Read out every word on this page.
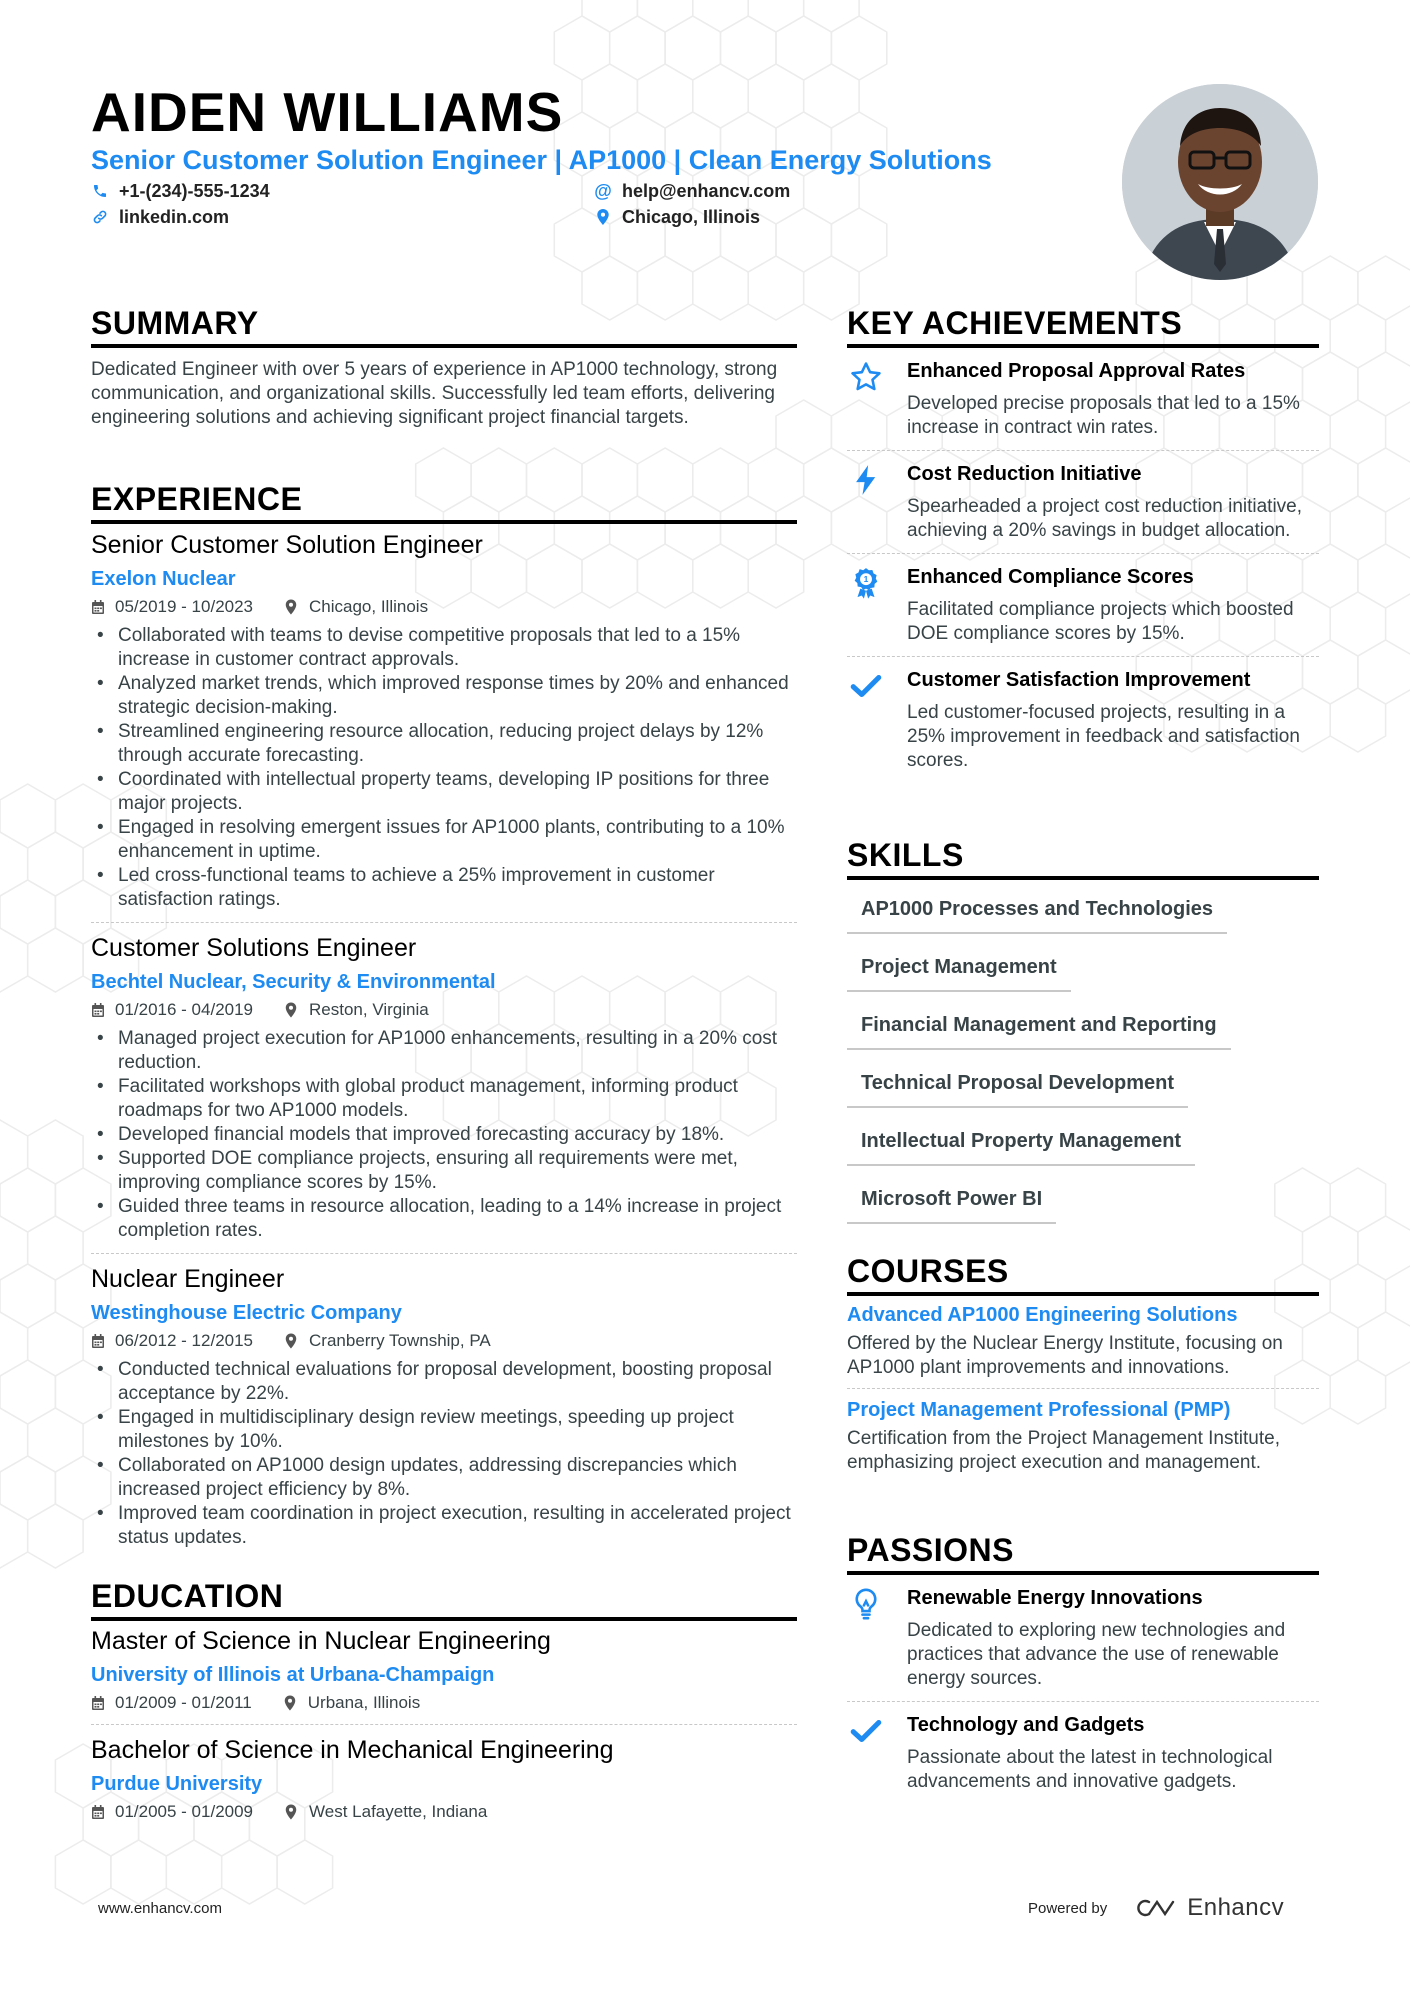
AIDEN WILLIAMS
Senior Customer Solution Engineer | AP1000 | Clean Energy Solutions
+1-(234)-555-1234
linkedin.com
@ help@enhancv.com
Chicago, Illinois
SUMMARY
Dedicated Engineer with over 5 years of experience in AP1000 technology, strong communication, and organizational skills. Successfully led team efforts, delivering engineering solutions and achieving significant project financial targets.
EXPERIENCE
Senior Customer Solution Engineer
Exelon Nuclear
05/2019 - 10/2023	Chicago, Illinois
• Collaborated with teams to devise competitive proposals that led to a 15% increase in customer contract approvals.
• Analyzed market trends, which improved response times by 20% and enhanced strategic decision-making.
• Streamlined engineering resource allocation, reducing project delays by 12% through accurate forecasting.
• Coordinated with intellectual property teams, developing IP positions for three major projects.
• Engaged in resolving emergent issues for AP1000 plants, contributing to a 10% enhancement in uptime.
• Led cross-functional teams to achieve a 25% improvement in customer satisfaction ratings.
Customer Solutions Engineer
Bechtel Nuclear, Security & Environmental
01/2016 - 04/2019	Reston, Virginia
• Managed project execution for AP1000 enhancements, resulting in a 20% cost reduction.
• Facilitated workshops with global product management, informing product roadmaps for two AP1000 models.
• Developed financial models that improved forecasting accuracy by 18%.
• Supported DOE compliance projects, ensuring all requirements were met, improving compliance scores by 15%.
• Guided three teams in resource allocation, leading to a 14% increase in project completion rates.
Nuclear Engineer
Westinghouse Electric Company
06/2012 - 12/2015	Cranberry Township, PA
• Conducted technical evaluations for proposal development, boosting proposal acceptance by 22%.
• Engaged in multidisciplinary design review meetings, speeding up project milestones by 10%.
• Collaborated on AP1000 design updates, addressing discrepancies which increased project efficiency by 8%.
• Improved team coordination in project execution, resulting in accelerated project status updates.
EDUCATION
Master of Science in Nuclear Engineering
University of Illinois at Urbana-Champaign
01/2009 - 01/2011	Urbana, Illinois
Bachelor of Science in Mechanical Engineering
Purdue University
01/2005 - 01/2009	West Lafayette, Indiana
KEY ACHIEVEMENTS
Enhanced Proposal Approval Rates
Developed precise proposals that led to a 15% increase in contract win rates.
Cost Reduction Initiative
Spearheaded a project cost reduction initiative, achieving a 20% savings in budget allocation.
1 Enhanced Compliance Scores
Facilitated compliance projects which boosted DOE compliance scores by 15%.
Customer Satisfaction Improvement
Led customer-focused projects, resulting in a 25% improvement in feedback and satisfaction scores.
SKILLS
AP1000 Processes and Technologies
Project Management
Financial Management and Reporting
Technical Proposal Development
Intellectual Property Management
Microsoft Power BI
COURSES
Advanced AP1000 Engineering Solutions
Offered by the Nuclear Energy Institute, focusing on AP1000 plant improvements and innovations.
Project Management Professional (PMP)
Certification from the Project Management Institute, emphasizing project execution and management.
PASSIONS
Renewable Energy Innovations
Dedicated to exploring new technologies and practices that advance the use of renewable energy sources.
Technology and Gadgets
Passionate about the latest in technological advancements and innovative gadgets.
www.enhancv.com	Powered by	Enhancv
